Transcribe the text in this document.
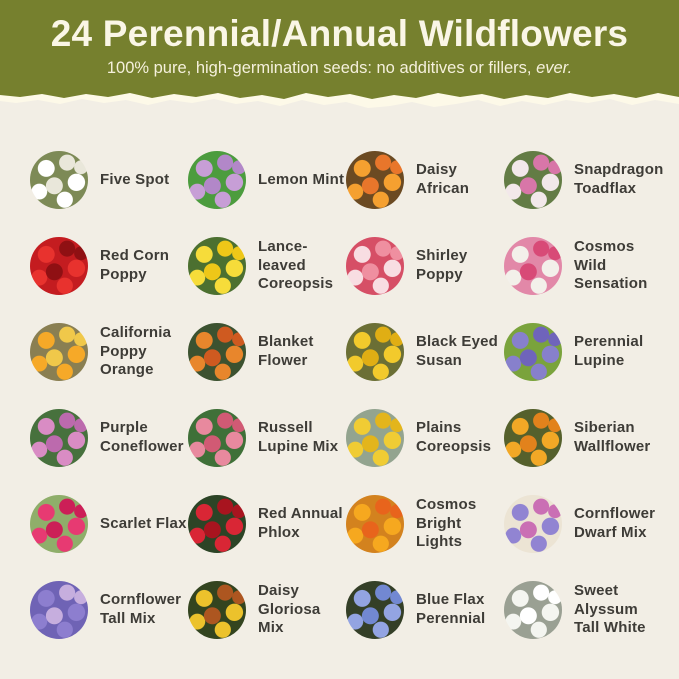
24 Perennial/Annual Wildflowers

100% pure, high-germination seeds: no additives or fillers, ever.

Five Spot	Lemon Mint
Daisy African
Snapdragon Toadflax
Red Corn Poppy
Lance-leaved Coreopsis
Shirley Poppy
Cosmos Wild Sensation
California Poppy Orange
Blanket Flower
Black Eyed Susan
Perennial Lupine
Purple Coneflower
Russell Lupine Mix
Plains Coreopsis
Siberian Wallflower
Scarlet Flax
Red Annual Phlox
Cosmos Bright Lights
Cornflower Dwarf Mix
Cornflower Tall Mix
Daisy Gloriosa Mix
Blue Flax Perennial
Sweet Alyssum Tall White
